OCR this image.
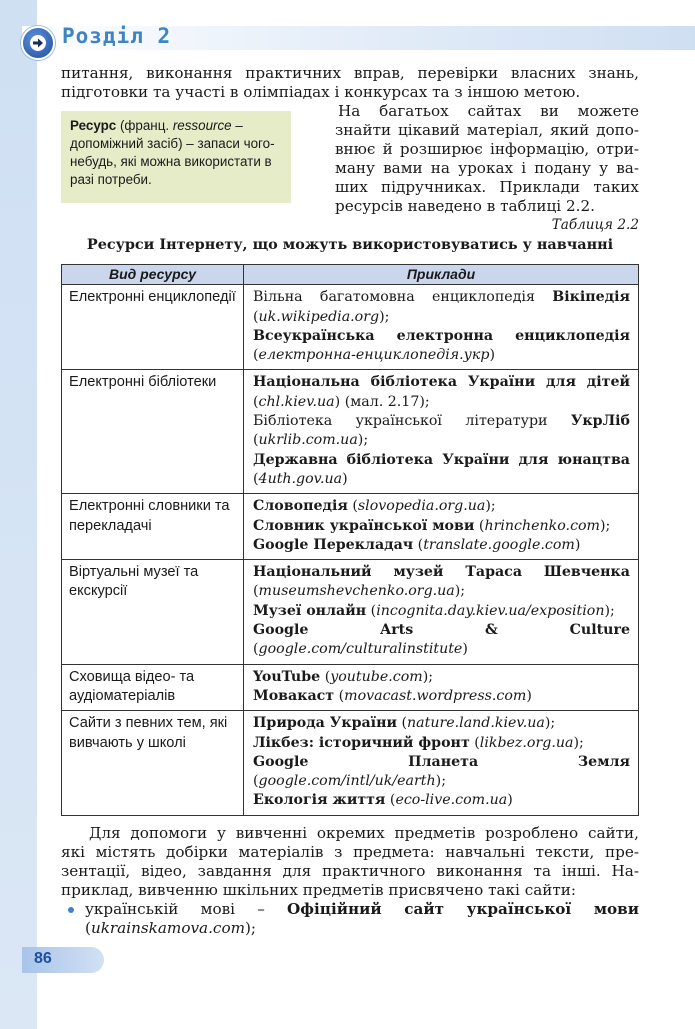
Розділ 2
питання, виконання практичних вправ, перевірки власних знань,
підготовки та участі в олімпіадах і конкурсах та з іншою метою.
Ресурс (франц. ressource – допоміжний засіб) – запаси чого-небудь, які можна використати в разі потреби.
На багатьох сайтах ви можете
знайти цікавий матеріал, який допо-
внює й розширює інформацію, отри-
ману вами на уроках і подану у ва-
ших підручниках. Приклади таких
ресурсів наведено в таблиці 2.2.
Таблиця 2.2
Ресурси Інтернету, що можуть використовуватись у навчанні
Вид ресурсу	Приклади
Електронні енциклопедії	Вільна багатомовна енциклопедія Вікіпедія (uk.wikipedia.org);
Всеукраїнська електронна енциклопедія (електронна-енциклопедія.укр)

Електронні бібліотеки	Національна бібліотека України для дітей (chl.kiev.ua) (мал. 2.17);
Бібліотека української літератури УкрЛіб (ukrlib.com.ua);
Державна бібліотека України для юнацтва (4uth.gov.ua)

Електронні словники та перекладачі	Словопедія (slovopedia.org.ua);
Словник української мови (hrinchenko.com);
Google Перекладач (translate.google.com)

Віртуальні музеї та екскурсії	Національний музей Тараса Шевченка (museumshevchenko.org.ua);
Музеї онлайн (incognita.day.kiev.ua/exposition);
Google Arts & Culture (google.com/culturalinstitute)

Сховища відео- та аудіоматеріалів	YouTube (youtube.com);
Мовакаст (movacast.wordpress.com)

Сайти з певних тем, які вивчають у школі	Природа України (nature.land.kiev.ua);
Лікбез: історичний фронт (likbez.org.ua);
Google Планета Земля (google.com/intl/uk/earth);
Екологія життя (eco-live.com.ua)
Для допомоги у вивченні окремих предметів розроблено сайти,
які містять добірки матеріалів з предмета: навчальні тексти, пре-
зентації, відео, завдання для практичного виконання та інші. На-
приклад, вивченню шкільних предметів присвячено такі сайти:
українській мові – Офіційний сайт української мови (ukrainskamova.com);
86
